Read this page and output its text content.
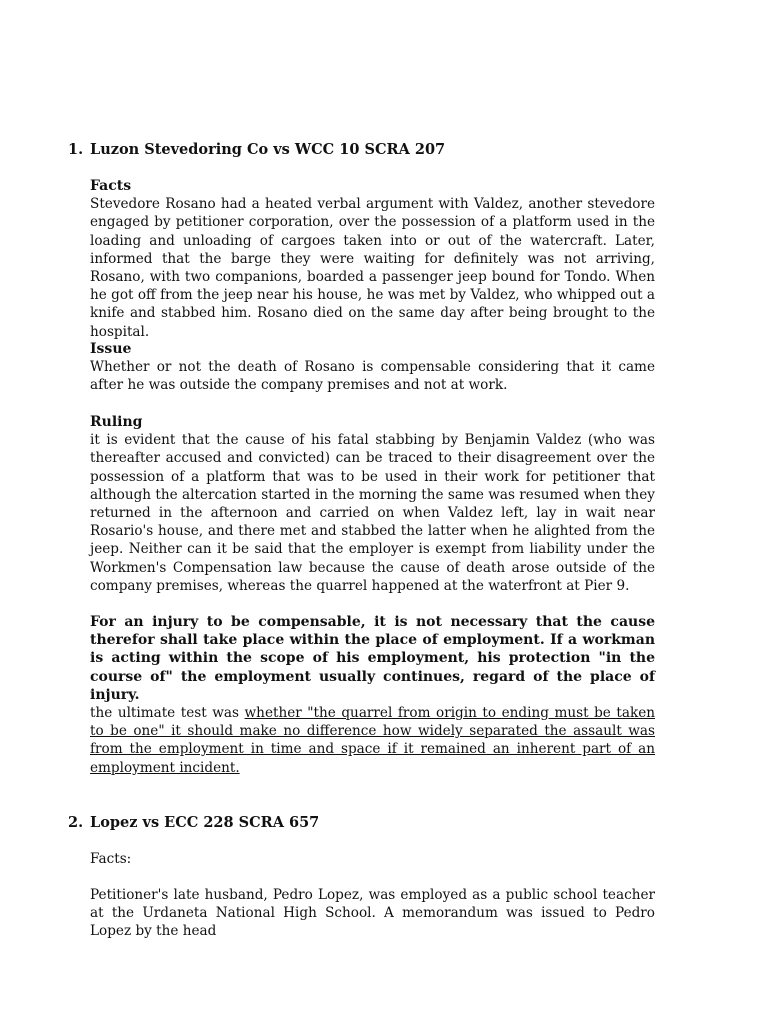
1. Luzon Stevedoring Co vs WCC 10 SCRA 207
Facts
Stevedore Rosano had a heated verbal argument with Valdez, another stevedore engaged by petitioner corporation, over the possession of a platform used in the loading and unloading of cargoes taken into or out of the watercraft. Later, informed that the barge they were waiting for definitely was not arriving, Rosano, with two companions, boarded a passenger jeep bound for Tondo. When he got off from the jeep near his house, he was met by Valdez, who whipped out a knife and stabbed him. Rosano died on the same day after being brought to the hospital.
Issue
Whether or not the death of Rosano is compensable considering that it came after he was outside the company premises and not at work.
Ruling
it is evident that the cause of his fatal stabbing by Benjamin Valdez (who was thereafter accused and convicted) can be traced to their disagreement over the possession of a platform that was to be used in their work for petitioner that although the altercation started in the morning the same was resumed when they returned in the afternoon and carried on when Valdez left, lay in wait near Rosario's house, and there met and stabbed the latter when he alighted from the jeep. Neither can it be said that the employer is exempt from liability under the Workmen's Compensation law because the cause of death arose outside of the company premises, whereas the quarrel happened at the waterfront at Pier 9.
For an injury to be compensable, it is not necessary that the cause therefor shall take place within the place of employment. If a workman is acting within the scope of his employment, his protection "in the course of" the employment usually continues, regard of the place of injury.
the ultimate test was whether "the quarrel from origin to ending must be taken to be one" it should make no difference how widely separated the assault was from the employment in time and space if it remained an inherent part of an employment incident.
2. Lopez vs ECC 228 SCRA 657
Facts:
Petitioner's late husband, Pedro Lopez, was employed as a public school teacher at the Urdaneta National High School. A memorandum was issued to Pedro Lopez by the head
